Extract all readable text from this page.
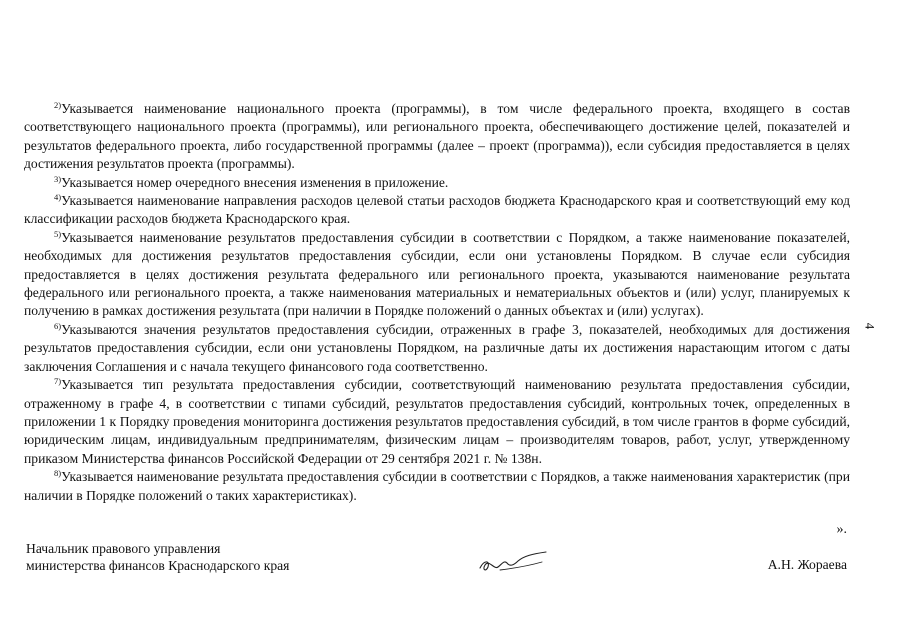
$^{2)}$Указывается наименование национального проекта (программы), в том числе федерального проекта, входящего в состав соответствующего национального проекта (программы), или регионального проекта, обеспечивающего достижение целей, показателей и результатов федерального проекта, либо государственной программы (далее – проект (программа)), если субсидия предоставляется в целях достижения результатов проекта (программы).

$^{3)}$Указывается номер очередного внесения изменения в приложение.

$^{4)}$Указывается наименование направления расходов целевой статьи расходов бюджета Краснодарского края и соответствующий ему код классификации расходов бюджета Краснодарского края.

$^{5)}$Указывается наименование результатов предоставления субсидии в соответствии с Порядком, а также наименование показателей, необходимых для достижения результатов предоставления субсидии, если они установлены Порядком. В случае если субсидия предоставляется в целях достижения результата федерального или регионального проекта, указываются наименование результата федерального или регионального проекта, а также наименования материальных и нематериальных объектов и (или) услуг, планируемых к получению в рамках достижения результата (при наличии в Порядке положений о данных объектах и (или) услугах).

$^{6)}$Указываются значения результатов предоставления субсидии, отраженных в графе 3, показателей, необходимых для достижения результатов предоставления субсидии, если они установлены Порядком, на различные даты их достижения нарастающим итогом с даты заключения Соглашения и с начала текущего финансового года соответственно.

$^{7)}$Указывается тип результата предоставления субсидии, соответствующий наименованию результата предоставления субсидии, отраженному в графе 4, в соответствии с типами субсидий, результатов предоставления субсидий, контрольных точек, определенных в приложении 1 к Порядку проведения мониторинга достижения результатов предоставления субсидий, в том числе грантов в форме субсидий, юридическим лицам, индивидуальным предпринимателям, физическим лицам – производителям товаров, работ, услуг, утвержденному приказом Министерства финансов Российской Федерации от 29 сентября 2021 г. № 138н.

$^{8)}$Указывается наименование результата предоставления субсидии в соответствии с Порядков, а также наименования характеристик (при наличии в Порядке положений о таких характеристиках).

».
Начальник правового управления
министерства финансов Краснодарского края	А.Н. Жораева
4
